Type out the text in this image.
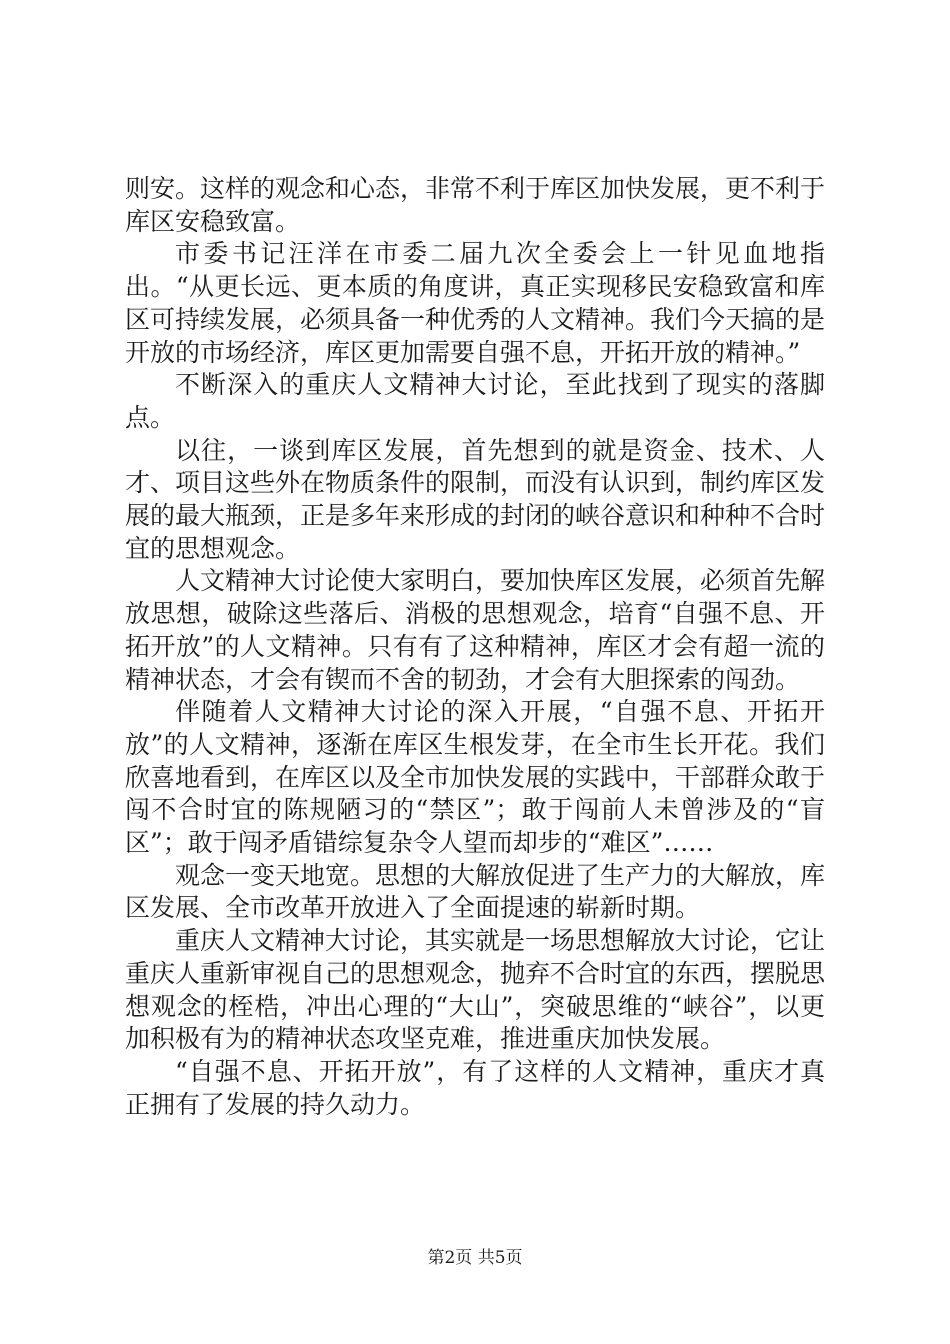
则安。这样的观念和心态，非常不利于库区加快发展，更不利于库区安稳致富。

市委书记汪洋在市委二届九次全委会上一针见血地指出。“从更长远、更本质的角度讲，真正实现移民安稳致富和库区可持续发展，必须具备一种优秀的人文精神。我们今天搞的是开放的市场经济，库区更加需要自强不息，开拓开放的精神。”

不断深入的重庆人文精神大讨论，至此找到了现实的落脚点。

以往，一谈到库区发展，首先想到的就是资金、技术、人才、项目这些外在物质条件的限制，而没有认识到，制约库区发展的最大瓶颈，正是多年来形成的封闭的峡谷意识和种种不合时宜的思想观念。

人文精神大讨论使大家明白，要加快库区发展，必须首先解放思想，破除这些落后、消极的思想观念，培育“自强不息、开拓开放”的人文精神。只有有了这种精神，库区才会有超一流的精神状态，才会有锲而不舍的韧劲，才会有大胆探索的闯劲。

伴随着人文精神大讨论的深入开展，“自强不息、开拓开放”的人文精神，逐渐在库区生根发芽，在全市生长开花。我们欣喜地看到，在库区以及全市加快发展的实践中，干部群众敢于闯不合时宜的陈规陋习的“禁区”；敢于闯前人未曾涉及的“盲区”；敢于闯矛盾错综复杂令人望而却步的“难区”……

观念一变天地宽。思想的大解放促进了生产力的大解放，库区发展、全市改革开放进入了全面提速的崭新时期。

重庆人文精神大讨论，其实就是一场思想解放大讨论，它让重庆人重新审视自己的思想观念，抛弃不合时宜的东西，摆脱思想观念的桎梏，冲出心理的“大山”，突破思维的“峡谷”，以更加积极有为的精神状态攻坚克难，推进重庆加快发展。

“自强不息、开拓开放”，有了这样的人文精神，重庆才真正拥有了发展的持久动力。

第2页 共5页
